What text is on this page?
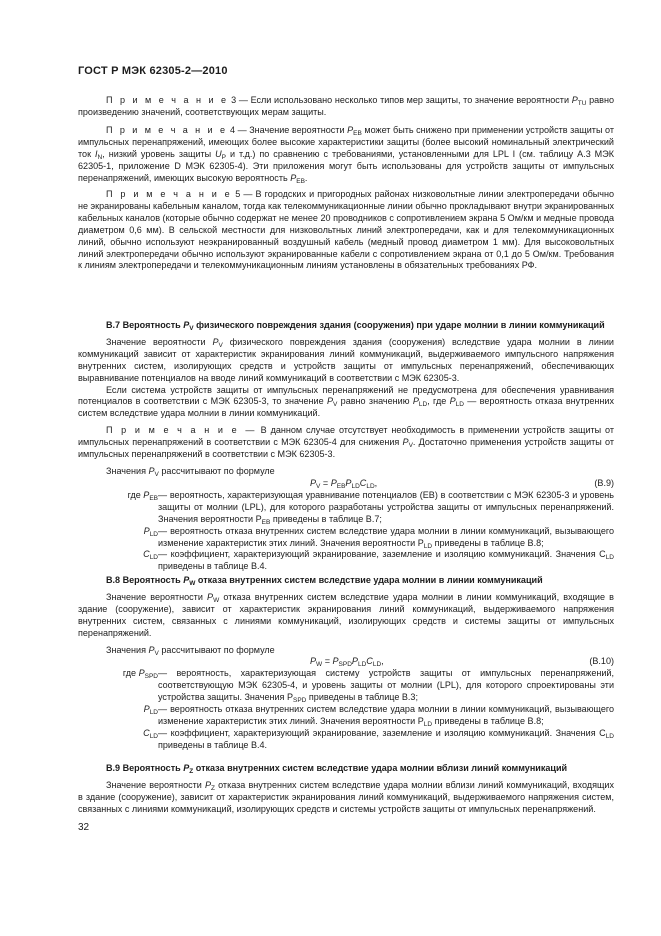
ГОСТ Р МЭК 62305-2—2010

П р и м е ч а н и е 3 — Если использовано несколько типов мер защиты, то значение вероятности $P_{TU}$ равно произведению значений, соответствующих мерам защиты.

П р и м е ч а н и е 4 — Значение вероятности $P_{EB}$ может быть снижено при применении устройств защиты от импульсных перенапряжений, имеющих более высокие характеристики защиты (более высокий номинальный электрический ток $I_N$, низкий уровень защиты $U_P$ и т.д.) по сравнению с требованиями, установленными для LPL I (см. таблицу А.3 МЭК 62305-1, приложение D МЭК 62305-4). Эти приложения могут быть использованы для устройств защиты от импульсных перенапряжений, имеющих высокую вероятность $P_{EB}$.

П р и м е ч а н и е 5 — В городских и пригородных районах низковольтные линии электропередачи обычно не экранированы кабельным каналом, тогда как телекоммуникационные линии обычно прокладывают внутри экранированных кабельных каналов (которые обычно содержат не менее 20 проводников с сопротивлением экрана 5 Ом/км и медные провода диаметром 0,6 мм). В сельской местности для низковольтных линий электропередачи, как и для телекоммуникационных линий, обычно используют неэкранированный воздушный кабель (медный провод диаметром 1 мм). Для высоковольтных линий электропередачи обычно используют экранированные кабели с сопротивлением экрана от 0,1 до 5 Ом/км. Требования к линиям электропередачи и телекоммуникационным линиям установлены в обязательных требованиях РФ.

В.7 Вероятность $P_V$ физического повреждения здания (сооружения) при ударе молнии в линии коммуникаций

Значение вероятности $P_V$ физического повреждения здания (сооружения) вследствие удара молнии в линии коммуникаций зависит от характеристик экранирования линий коммуникаций, выдерживаемого импульсного напряжения внутренних систем, изолирующих средств и устройств защиты от импульсных перенапряжений, обеспечивающих выравнивание потенциалов на вводе линий коммуникаций в соответствии с МЭК 62305-3.

Если система устройств защиты от импульсных перенапряжений не предусмотрена для обеспечения уравнивания потенциалов в соответствии с МЭК 62305-3, то значение $P_V$ равно значению $P_{LD}$, где $P_{LD}$ — вероятность отказа внутренних систем вследствие удара молнии в линии коммуникаций.

П р и м е ч а н и е — В данном случае отсутствует необходимость в применении устройств защиты от импульсных перенапряжений в соответствии с МЭК 62305-4 для снижения $P_V$. Достаточно применения устройств защиты от импульсных перенапряжений в соответствии с МЭК 62305-3.

Значения $P_V$ рассчитывают по формуле

$P_V = P_{EB}P_{LD}C_{LD}$,	(В.9)
где $P_{EB}$ — вероятность, характеризующая уравнивание потенциалов (ЕВ) в соответствии с МЭК 62305-3 и уровень защиты от молнии (LPL), для которого разработаны устройства защиты от импульсных перенапряжений. Значения вероятности $P_{EB}$ приведены в таблице В.7;
$P_{LD}$ — вероятность отказа внутренних систем вследствие удара молнии в линии коммуникаций, вызывающего изменение характеристик этих линий. Значения вероятности $P_{LD}$ приведены в таблице В.8;
$C_{LD}$ — коэффициент, характеризующий экранирование, заземление и изоляцию коммуникаций. Значения $C_{LD}$ приведены в таблице В.4.

В.8 Вероятность $P_W$ отказа внутренних систем вследствие удара молнии в линии коммуникаций

Значение вероятности $P_W$ отказа внутренних систем вследствие удара молнии в линии коммуникаций, входящие в здание (сооружение), зависит от характеристик экранирования линий коммуникаций, выдерживаемого напряжения внутренних систем, связанных с линиями коммуникаций, изолирующих средств и системы защиты от импульсных перенапряжений.

Значения $P_V$ рассчитывают по формуле

$P_W = P_{SPD}P_{LD}C_{LD}$,	(В.10)
где $P_{SPD}$ — вероятность, характеризующая систему устройств защиты от импульсных перенапряжений, соответствующую МЭК 62305-4, и уровень защиты от молнии (LPL), для которого спроектированы эти устройства защиты. Значения $P_{SPD}$ приведены в таблице В.3;
$P_{LD}$ — вероятность отказа внутренних систем вследствие удара молнии в линии коммуникаций, вызывающего изменение характеристик этих линий. Значения вероятности $P_{LD}$ приведены в таблице В.8;
$C_{LD}$ — коэффициент, характеризующий экранирование, заземление и изоляцию коммуникаций. Значения $C_{LD}$ приведены в таблице В.4.

В.9 Вероятность $P_Z$ отказа внутренних систем вследствие удара молнии вблизи линий коммуникаций

Значение вероятности $P_Z$ отказа внутренних систем вследствие удара молнии вблизи линий коммуникаций, входящих в здание (сооружение), зависит от характеристик экранирования линий коммуникаций, выдерживаемого напряжения систем, связанных с линиями коммуникаций, изолирующих средств и системы устройств защиты от импульсных перенапряжений.

32
